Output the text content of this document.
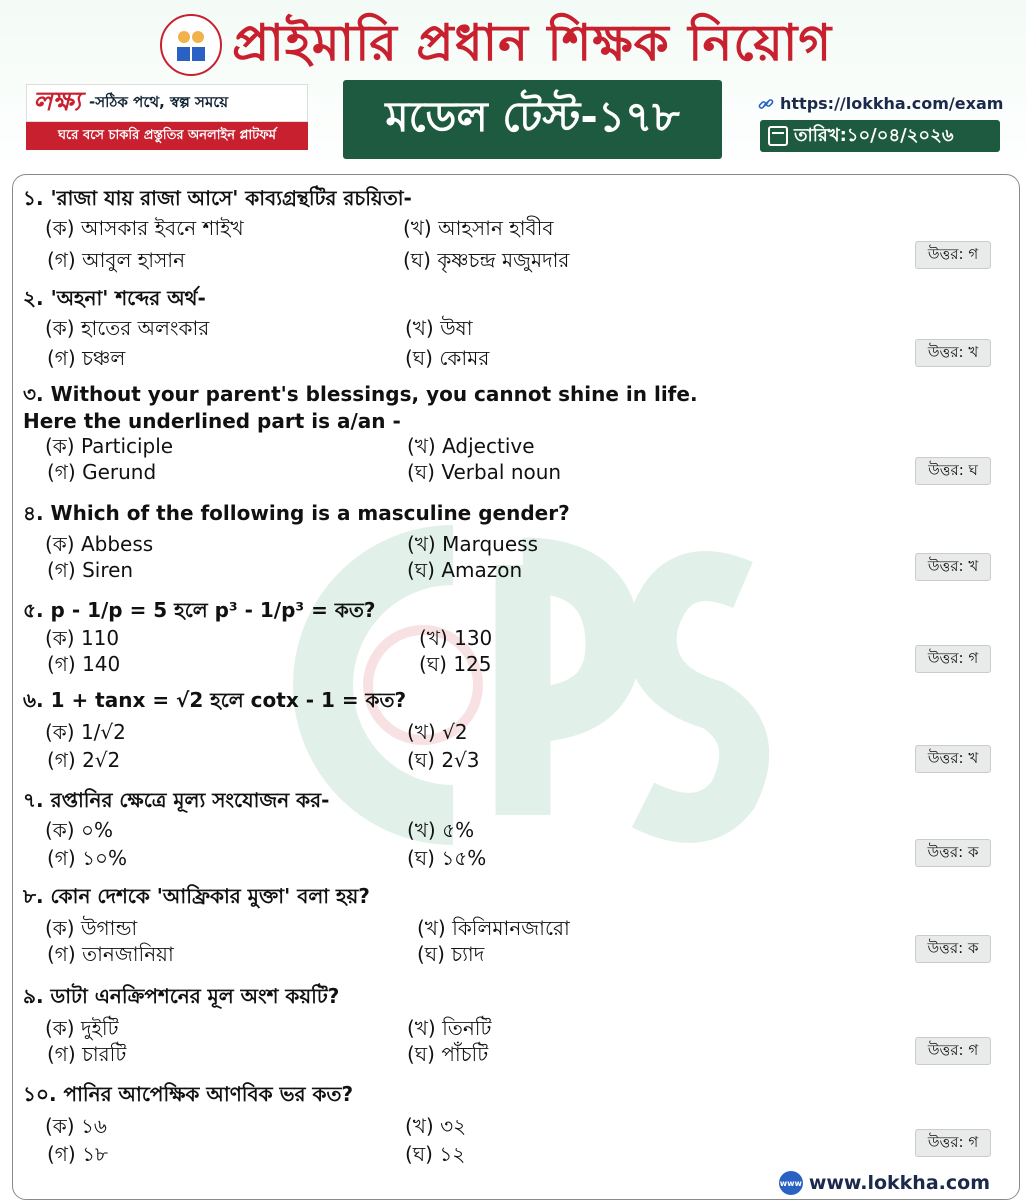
প্রাইমারি প্রধান শিক্ষক নিয়োগ
লক্ষ্য -সঠিক পথে, স্বল্প সময়ে
ঘরে বসে চাকরি প্রস্তুতির অনলাইন প্লাটফর্ম	মডেল টেস্ট-১৭৮	https://lokkha.com/exam
তারিখ:১০/০৪/২০২৬
১. 'রাজা যায় রাজা আসে' কাব্যগ্রন্থটির রচয়িতা-
(ক) আসকার ইবনে শাইখ	(খ) আহসান হাবীব
(গ) আবুল হাসান	(ঘ) কৃষ্ণচন্দ্র মজুমদার	উত্তর: গ
২. 'অহনা' শব্দের অর্থ-
(ক) হাতের অলংকার	(খ) উষা
(গ) চঞ্চল	(ঘ) কোমর	উত্তর: খ
৩. Without your parent's blessings, you cannot shine in life.
Here the underlined part is a/an -
(ক) Participle	(খ) Adjective
(গ) Gerund	(ঘ) Verbal noun	উত্তর: ঘ
৪. Which of the following is a masculine gender?
(ক) Abbess	(খ) Marquess
(গ) Siren	(ঘ) Amazon	উত্তর: খ
৫. p - 1/p = 5 হলে p³ - 1/p³ = কত?
(ক) 110	(খ) 130
(গ) 140	(ঘ) 125	উত্তর: গ
৬. 1 + tanx = √2 হলে cotx - 1 = কত?
(ক) 1/√2	(খ) √2
(গ) 2√2	(ঘ) 2√3	উত্তর: খ
৭. রপ্তানির ক্ষেত্রে মূল্য সংযোজন কর-
(ক) ০%	(খ) ৫%
(গ) ১০%	(ঘ) ১৫%	উত্তর: ক
৮. কোন দেশকে 'আফ্রিকার মুক্তা' বলা হয়?
(ক) উগান্ডা	(খ) কিলিমানজারো
(গ) তানজানিয়া	(ঘ) চ্যাদ	উত্তর: ক
৯. ডাটা এনক্রিপশনের মূল অংশ কয়টি?
(ক) দুইটি	(খ) তিনটি
(গ) চারটি	(ঘ) পাঁচটি	উত্তর: গ
১০. পানির আপেক্ষিক আণবিক ভর কত?
(ক) ১৬	(খ) ৩২
(গ) ১৮	(ঘ) ১২
উত্তর: গ
www www.lokkha.com
